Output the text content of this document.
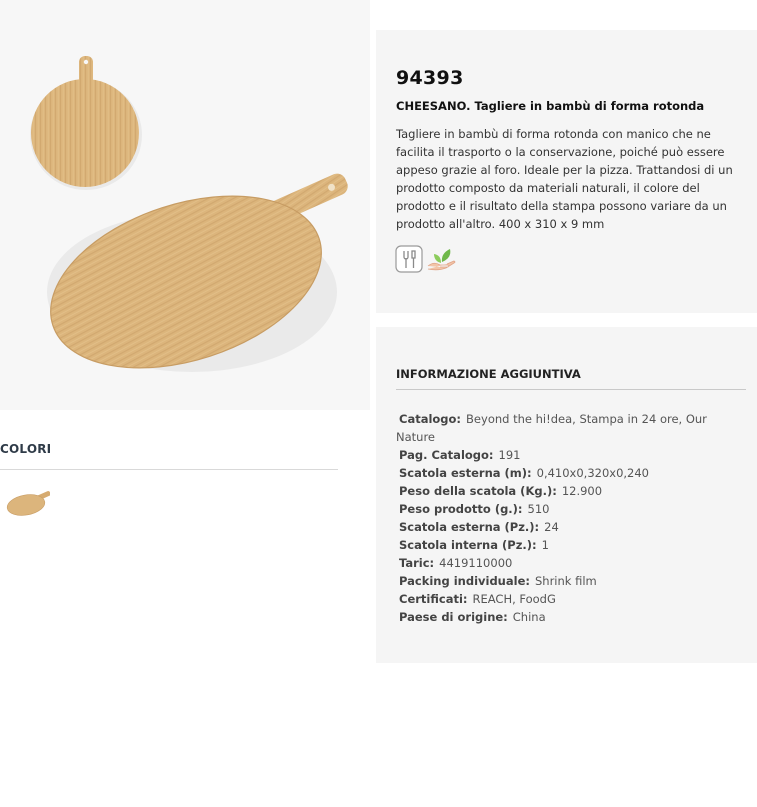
COLORI
94393
CHEESANO. Tagliere in bambù di forma rotonda
Tagliere in bambù di forma rotonda con manico che ne facilita il trasporto o la conservazione, poiché può essere appeso grazie al foro. Ideale per la pizza. Trattandosi di un prodotto composto da materiali naturali, il colore del prodotto e il risultato della stampa possono variare da un prodotto all'altro. 400 x 310 x 9 mm
INFORMAZIONE AGGIUNTIVA
Catalogo: Beyond the hi!dea, Stampa in 24 ore, Our Nature
Pag. Catalogo: 191
Scatola esterna (m): 0,410x0,320x0,240
Peso della scatola (Kg.): 12.900
Peso prodotto (g.): 510
Scatola esterna (Pz.): 24
Scatola interna (Pz.): 1
Taric: 4419110000
Packing individuale: Shrink film
Certificati: REACH, FoodG
Paese di origine: China
